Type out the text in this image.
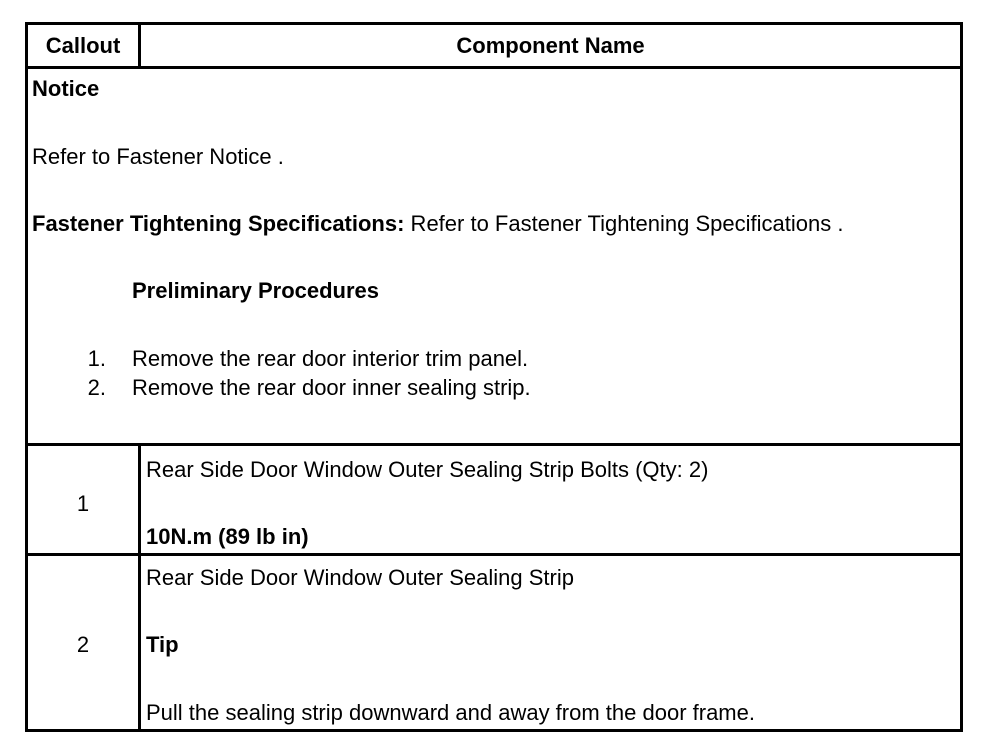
Callout	Component Name
Notice
Refer to Fastener Notice .
Fastener Tightening Specifications: Refer to Fastener Tightening Specifications .
Preliminary Procedures
1. Remove the rear door interior trim panel.
2. Remove the rear door inner sealing strip.
1
Rear Side Door Window Outer Sealing Strip Bolts (Qty: 2)
10N.m (89 lb in)
2
Rear Side Door Window Outer Sealing Strip
Tip
Pull the sealing strip downward and away from the door frame.
